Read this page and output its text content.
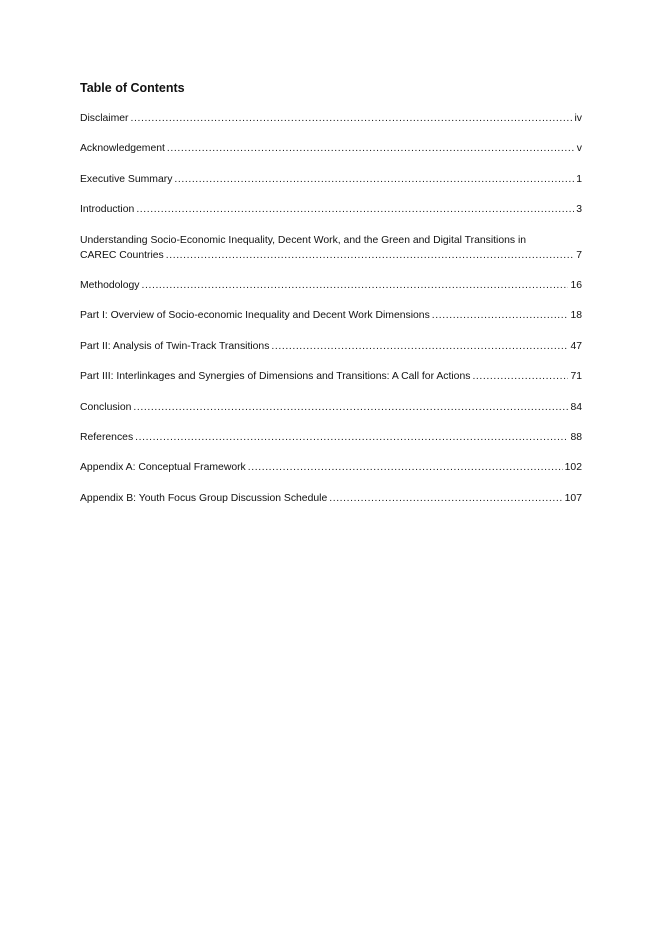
Table of Contents
Disclaimer .....	iv
Acknowledgement .....	v
Executive Summary .....	1
Introduction .....	3
Understanding Socio-Economic Inequality, Decent Work, and the Green and Digital Transitions in
CAREC Countries .....	7
Methodology .....	16
Part I: Overview of Socio-economic Inequality and Decent Work Dimensions .....	18
Part II: Analysis of Twin-Track Transitions .....	47
Part III: Interlinkages and Synergies of Dimensions and Transitions: A Call for Actions .....	71
Conclusion .....	84
References .....	88
Appendix A: Conceptual Framework .....	102
Appendix B: Youth Focus Group Discussion Schedule .....	107
